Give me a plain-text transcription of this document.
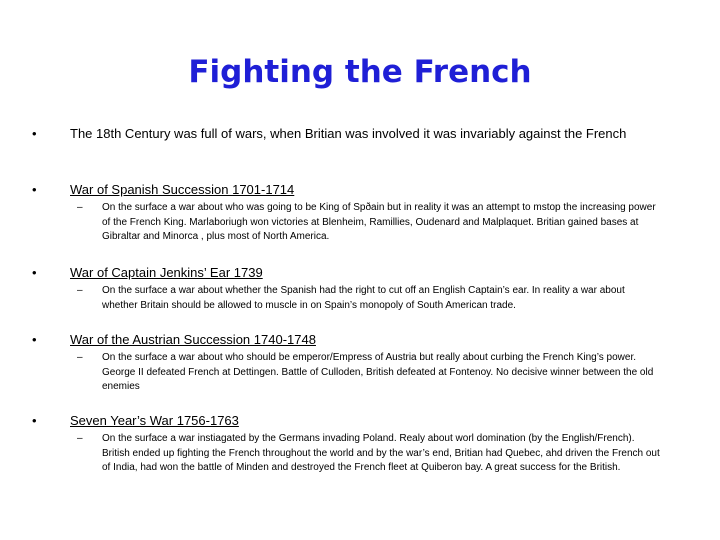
Fighting the French
•	The 18th Century was full of wars, when Britian was involved it was invariably against the French
•	War of Spanish Succession 1701-1714
– On the surface a war about who was going to be King of Spðain but in reality it was an attempt to mstop the increasing power of the French King. Marlaboriugh won victories at Blenheim, Ramillies, Oudenard and Malplaquet. Britian gained bases at Gibraltar and Minorca , plus most of North America.
•	War of Captain Jenkins’ Ear 1739
– On the surface a war about whether the Spanish had the right to cut off an English Captain’s ear. In reality a war about whether Britain should be allowed to muscle in on Spain’s monopoly of South American trade.
•	War of the Austrian Succession 1740-1748
– On the surface a war about who should be emperor/Empress of Austria but really about curbing the French King’s power. George II defeated French at Dettingen. Battle of Culloden, British defeated at Fontenoy. No decisive winner between the old enemies
•	Seven Year’s War 1756-1763
– On the surface a war instiagated by the Germans invading Poland. Realy about worl domination (by the English/French). British ended up fighting the French throughout the world and by the war’s end, Britian had Quebec, ahd driven the French out of India, had won the battle of Minden and destroyed the French fleet at Quiberon bay. A great success for the British.
